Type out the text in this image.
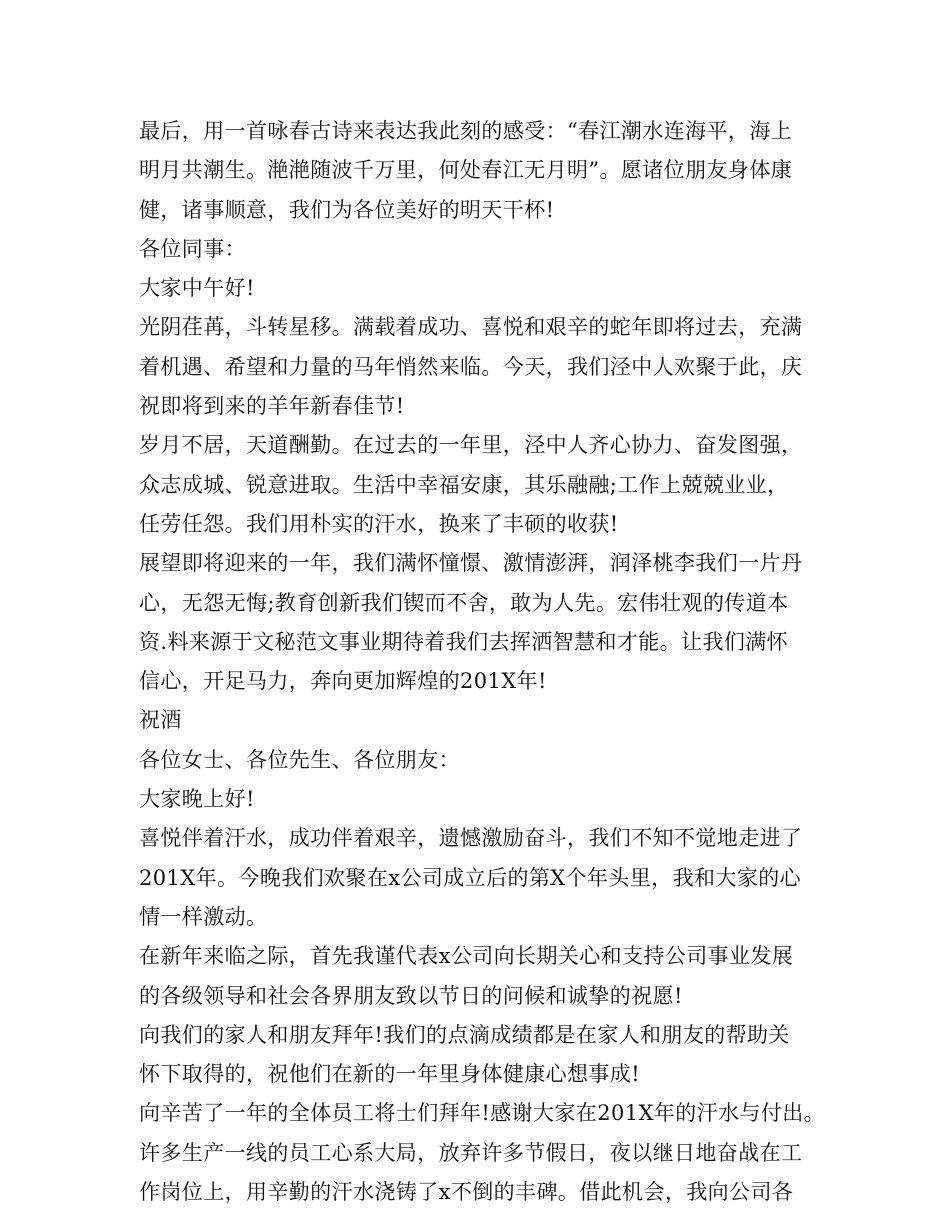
最后，用一首咏春古诗来表达我此刻的感受：“春江潮水连海平，海上
明月共潮生。滟滟随波千万里，何处春江无月明”。愿诸位朋友身体康
健，诸事顺意，我们为各位美好的明天干杯!
各位同事：
大家中午好!
光阴荏苒，斗转星移。满载着成功、喜悦和艰辛的蛇年即将过去，充满
着机遇、希望和力量的马年悄然来临。今天，我们泾中人欢聚于此，庆
祝即将到来的羊年新春佳节!
岁月不居，天道酬勤。在过去的一年里，泾中人齐心协力、奋发图强，
众志成城、锐意进取。生活中幸福安康，其乐融融;工作上兢兢业业，
任劳任怨。我们用朴实的汗水，换来了丰硕的收获!
展望即将迎来的一年，我们满怀憧憬、激情澎湃，润泽桃李我们一片丹
心，无怨无悔;教育创新我们锲而不舍，敢为人先。宏伟壮观的传道本
资.料来源于文秘范文事业期待着我们去挥洒智慧和才能。让我们满怀
信心，开足马力，奔向更加辉煌的201X年!
祝酒
各位女士、各位先生、各位朋友：
大家晚上好!
喜悦伴着汗水，成功伴着艰辛，遗憾激励奋斗，我们不知不觉地走进了
201X年。今晚我们欢聚在x公司成立后的第X个年头里，我和大家的心
情一样激动。
在新年来临之际，首先我谨代表x公司向长期关心和支持公司事业发展
的各级领导和社会各界朋友致以节日的问候和诚挚的祝愿!
向我们的家人和朋友拜年!我们的点滴成绩都是在家人和朋友的帮助关
怀下取得的，祝他们在新的一年里身体健康心想事成!
向辛苦了一年的全体员工将士们拜年!感谢大家在201X年的汗水与付出。
许多生产一线的员工心系大局，放弃许多节假日，夜以继日地奋战在工
作岗位上，用辛勤的汗水浇铸了x不倒的丰碑。借此机会，我向公司各
